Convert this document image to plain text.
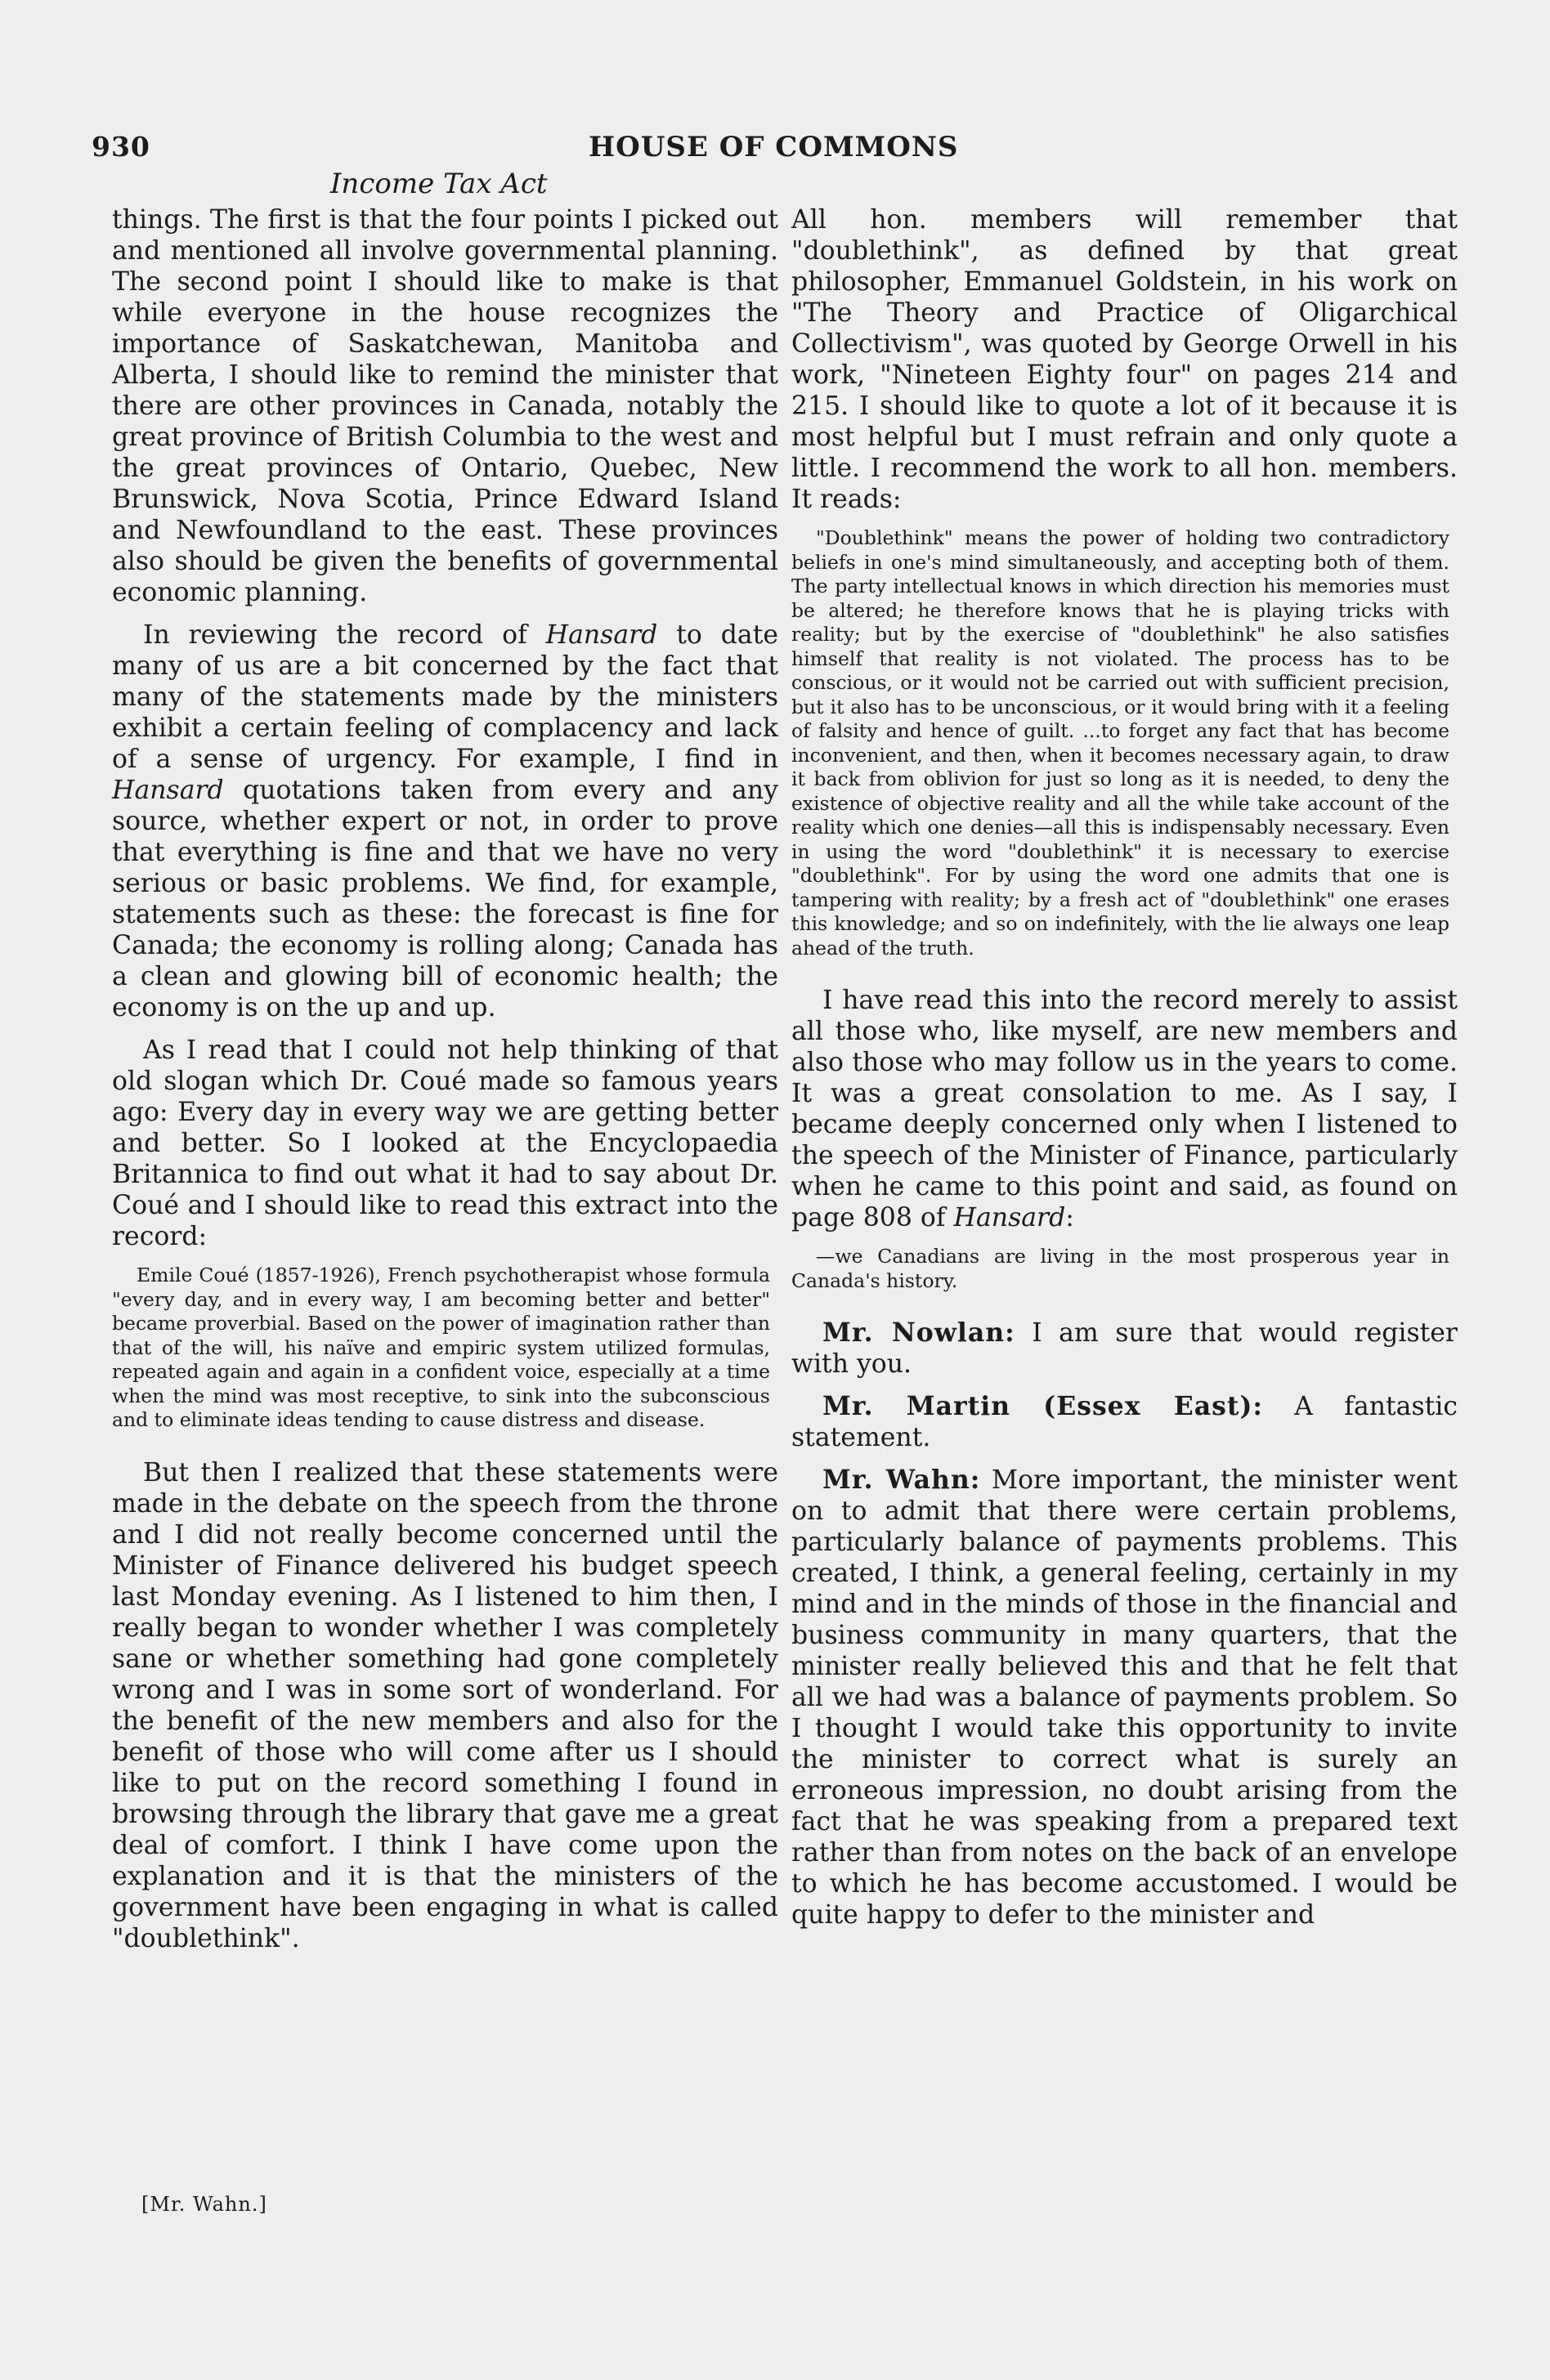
930	HOUSE OF COMMONS
Income Tax Act

things. The first is that the four points I picked out and mentioned all involve governmental planning. The second point I should like to make is that while everyone in the house recognizes the importance of Saskatchewan, Manitoba and Alberta, I should like to remind the minister that there are other provinces in Canada, notably the great province of British Columbia to the west and the great provinces of Ontario, Quebec, New Brunswick, Nova Scotia, Prince Edward Island and Newfoundland to the east. These provinces also should be given the benefits of governmental economic planning.

In reviewing the record of Hansard to date many of us are a bit concerned by the fact that many of the statements made by the ministers exhibit a certain feeling of complacency and lack of a sense of urgency. For example, I find in Hansard quotations taken from every and any source, whether expert or not, in order to prove that everything is fine and that we have no very serious or basic problems. We find, for example, statements such as these: the forecast is fine for Canada; the economy is rolling along; Canada has a clean and glowing bill of economic health; the economy is on the up and up.

As I read that I could not help thinking of that old slogan which Dr. Coué made so famous years ago: Every day in every way we are getting better and better. So I looked at the Encyclopaedia Britannica to find out what it had to say about Dr. Coué and I should like to read this extract into the record:

Emile Coué (1857-1926), French psychotherapist whose formula "every day, and in every way, I am becoming better and better" became proverbial. Based on the power of imagination rather than that of the will, his naïve and empiric system utilized formulas, repeated again and again in a confident voice, especially at a time when the mind was most receptive, to sink into the subconscious and to eliminate ideas tending to cause distress and disease.

But then I realized that these statements were made in the debate on the speech from the throne and I did not really become concerned until the Minister of Finance delivered his budget speech last Monday evening. As I listened to him then, I really began to wonder whether I was completely sane or whether something had gone completely wrong and I was in some sort of wonderland. For the benefit of the new members and also for the benefit of those who will come after us I should like to put on the record something I found in browsing through the library that gave me a great deal of comfort. I think I have come upon the explanation and it is that the ministers of the government have been engaging in what is called "doublethink".

[Mr. Wahn.]

All hon. members will remember that "doublethink", as defined by that great philosopher, Emmanuel Goldstein, in his work on "The Theory and Practice of Oligarchical Collectivism", was quoted by George Orwell in his work, "Nineteen Eighty four" on pages 214 and 215. I should like to quote a lot of it because it is most helpful but I must refrain and only quote a little. I recommend the work to all hon. members. It reads:

"Doublethink" means the power of holding two contradictory beliefs in one's mind simultaneously, and accepting both of them. The party intellectual knows in which direction his memories must be altered; he therefore knows that he is playing tricks with reality; but by the exercise of "doublethink" he also satisfies himself that reality is not violated. The process has to be conscious, or it would not be carried out with sufficient precision, but it also has to be unconscious, or it would bring with it a feeling of falsity and hence of guilt. ...to forget any fact that has become inconvenient, and then, when it becomes necessary again, to draw it back from oblivion for just so long as it is needed, to deny the existence of objective reality and all the while take account of the reality which one denies—all this is indispensably necessary. Even in using the word "doublethink" it is necessary to exercise "doublethink". For by using the word one admits that one is tampering with reality; by a fresh act of "doublethink" one erases this knowledge; and so on indefinitely, with the lie always one leap ahead of the truth.

I have read this into the record merely to assist all those who, like myself, are new members and also those who may follow us in the years to come. It was a great consolation to me. As I say, I became deeply concerned only when I listened to the speech of the Minister of Finance, particularly when he came to this point and said, as found on page 808 of Hansard:

—we Canadians are living in the most prosperous year in Canada's history.

Mr. Nowlan: I am sure that would register with you.

Mr. Martin (Essex East): A fantastic statement.

Mr. Wahn: More important, the minister went on to admit that there were certain problems, particularly balance of payments problems. This created, I think, a general feeling, certainly in my mind and in the minds of those in the financial and business community in many quarters, that the minister really believed this and that he felt that all we had was a balance of payments problem. So I thought I would take this opportunity to invite the minister to correct what is surely an erroneous impression, no doubt arising from the fact that he was speaking from a prepared text rather than from notes on the back of an envelope to which he has become accustomed. I would be quite happy to defer to the minister and
